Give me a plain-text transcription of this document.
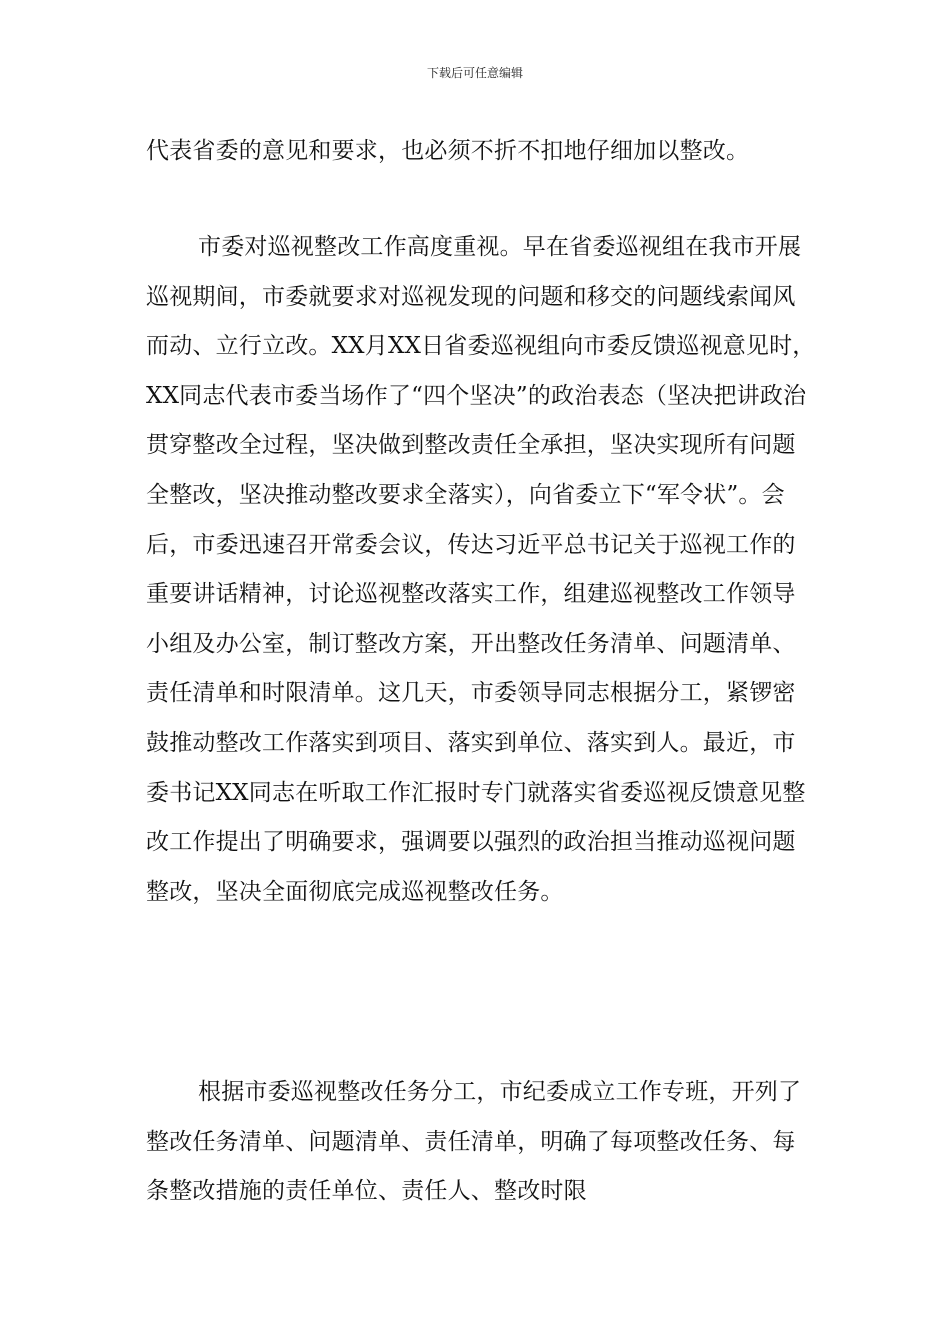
下载后可任意编辑

代表省委的意见和要求，也必须不折不扣地仔细加以整改。

市委对巡视整改工作高度重视。早在省委巡视组在我市开展巡视期间，市委就要求对巡视发现的问题和移交的问题线索闻风而动、立行立改。XX月XX日省委巡视组向市委反馈巡视意见时，XX同志代表市委当场作了“四个坚决”的政治表态（坚决把讲政治贯穿整改全过程，坚决做到整改责任全承担，坚决实现所有问题全整改，坚决推动整改要求全落实），向省委立下“军令状”。会后，市委迅速召开常委会议，传达习近平总书记关于巡视工作的重要讲话精神，讨论巡视整改落实工作，组建巡视整改工作领导小组及办公室，制订整改方案，开出整改任务清单、问题清单、责任清单和时限清单。这几天，市委领导同志根据分工，紧锣密鼓推动整改工作落实到项目、落实到单位、落实到人。最近，市委书记XX同志在听取工作汇报时专门就落实省委巡视反馈意见整改工作提出了明确要求，强调要以强烈的政治担当推动巡视问题整改，坚决全面彻底完成巡视整改任务。

根据市委巡视整改任务分工，市纪委成立工作专班，开列了整改任务清单、问题清单、责任清单，明确了每项整改任务、每条整改措施的责任单位、责任人、整改时限
